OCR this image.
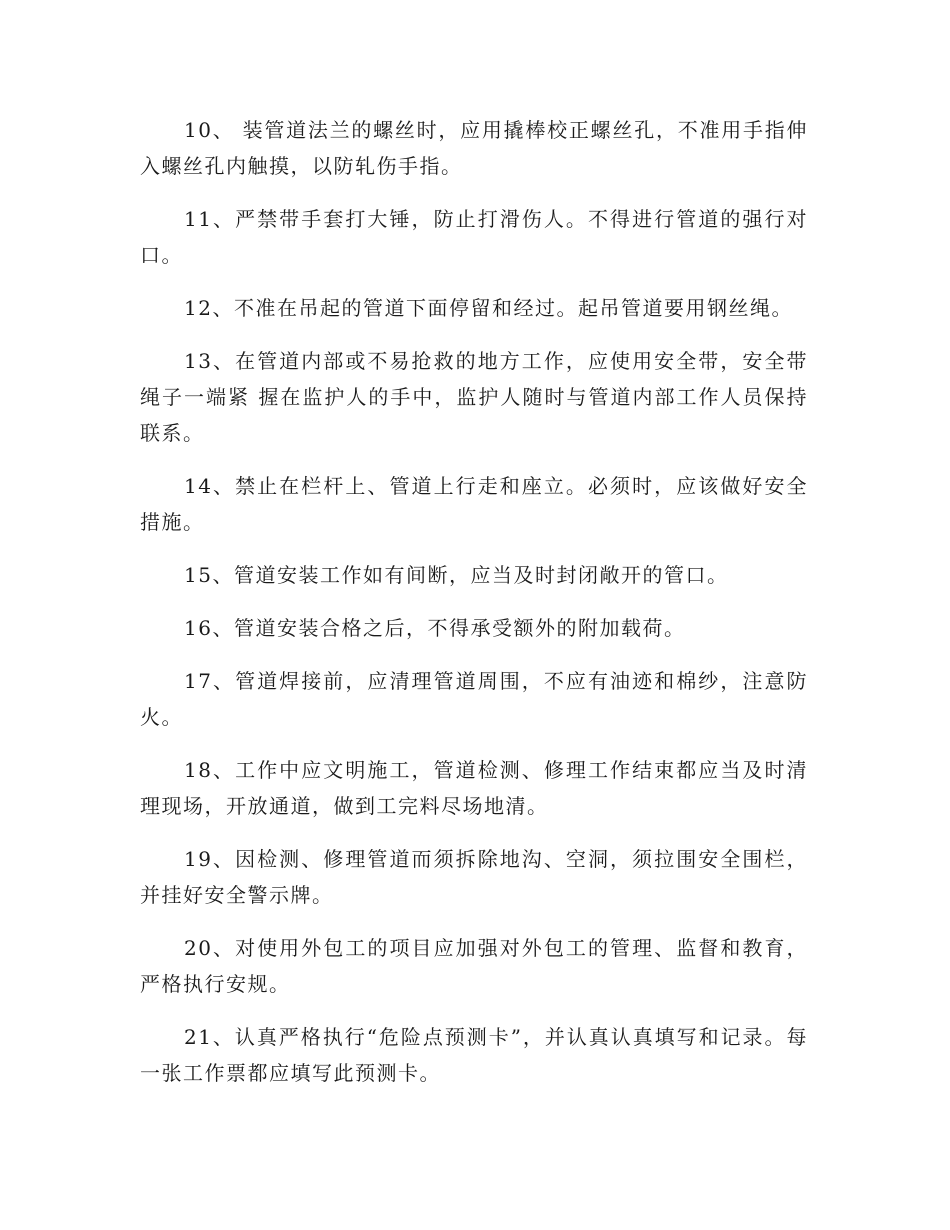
10、 装管道法兰的螺丝时，应用撬棒校正螺丝孔，不准用手指伸入螺丝孔内触摸，以防轧伤手指。

11、严禁带手套打大锤，防止打滑伤人。不得进行管道的强行对口。

12、不准在吊起的管道下面停留和经过。起吊管道要用钢丝绳。

13、在管道内部或不易抢救的地方工作，应使用安全带，安全带绳子一端紧 握在监护人的手中，监护人随时与管道内部工作人员保持联系。

14、禁止在栏杆上、管道上行走和座立。必须时，应该做好安全措施。

15、管道安装工作如有间断，应当及时封闭敞开的管口。

16、管道安装合格之后，不得承受额外的附加载荷。

17、管道焊接前，应清理管道周围，不应有油迹和棉纱，注意防火。

18、工作中应文明施工，管道检测、修理工作结束都应当及时清理现场，开放通道，做到工完料尽场地清。

19、因检测、修理管道而须拆除地沟、空洞，须拉围安全围栏，并挂好安全警示牌。

20、对使用外包工的项目应加强对外包工的管理、监督和教育，严格执行安规。

21、认真严格执行“危险点预测卡”，并认真认真填写和记录。每一张工作票都应填写此预测卡。
